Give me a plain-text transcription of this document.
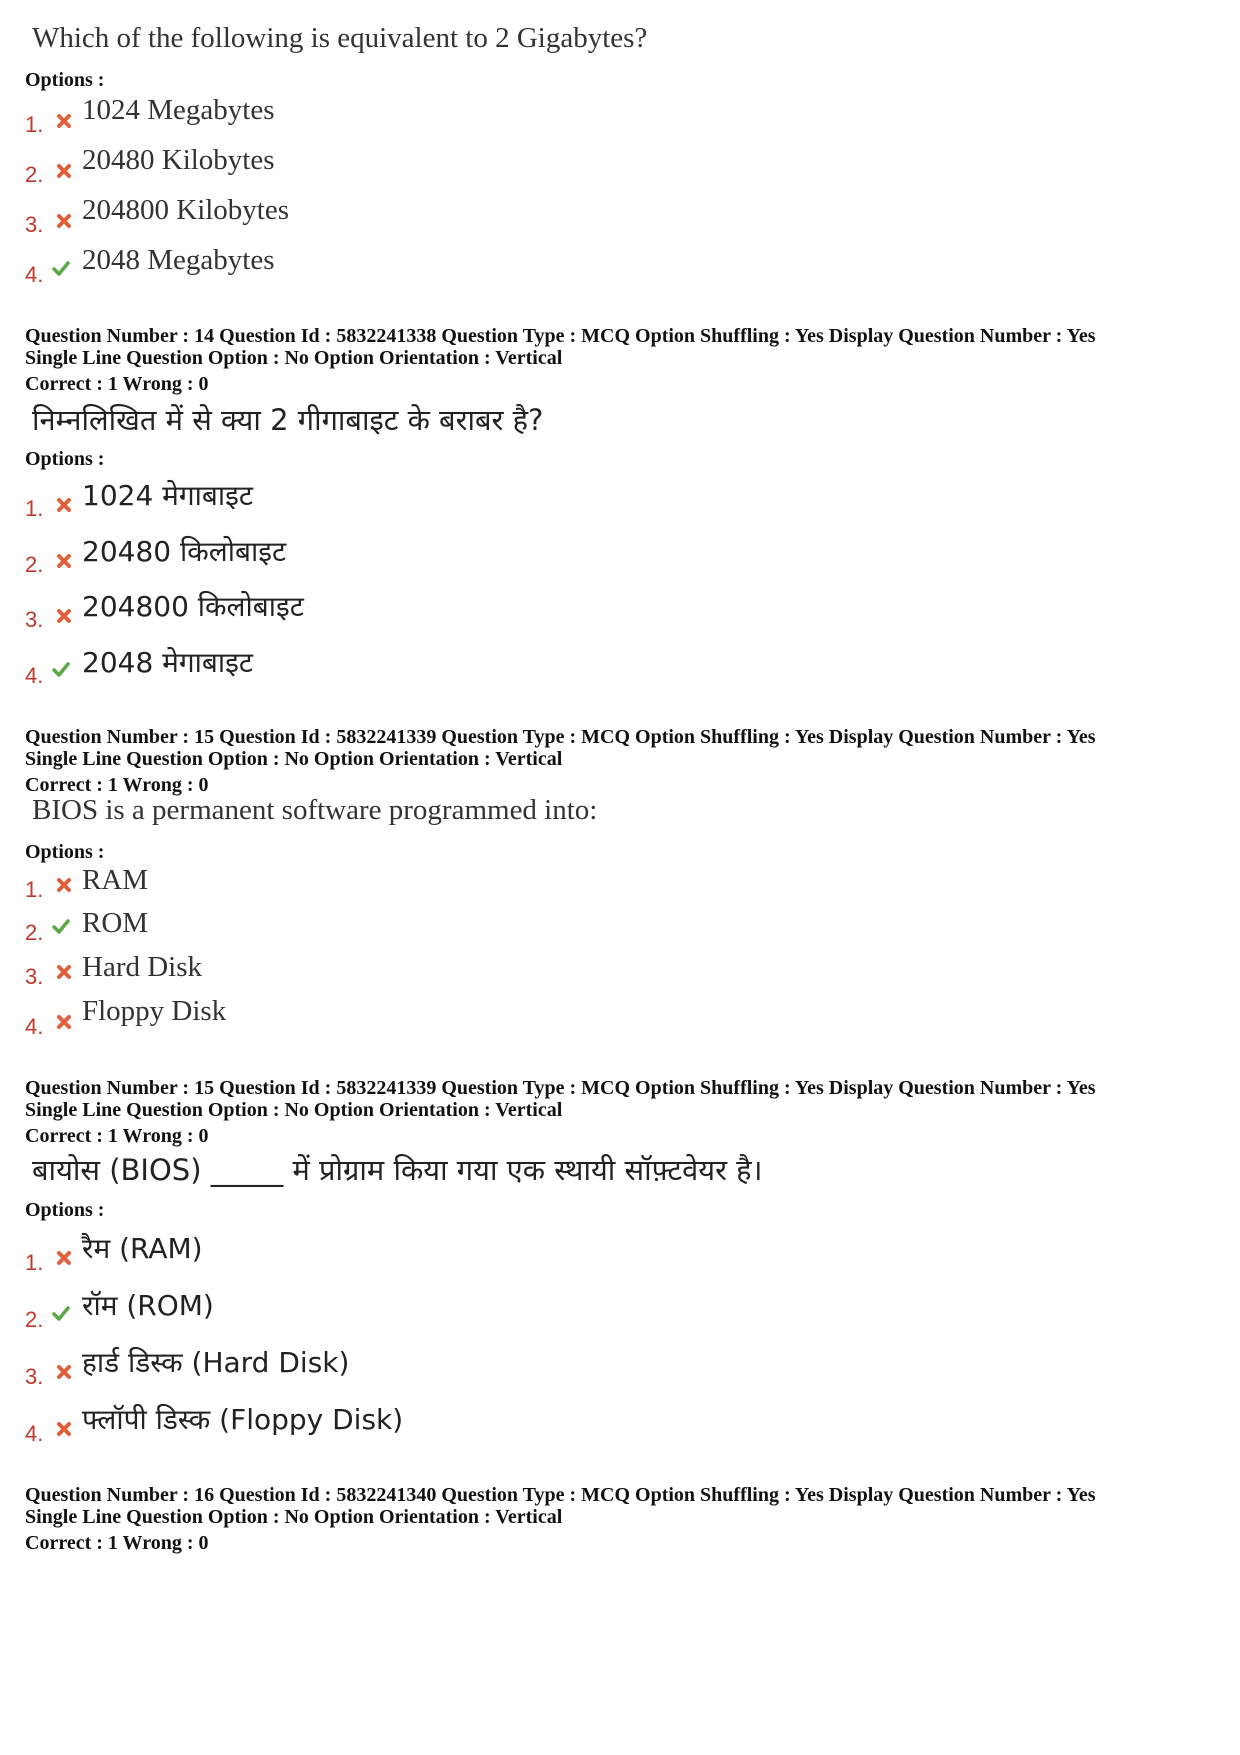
Which of the following is equivalent to 2 Gigabytes?
Options :
1. 1024 Megabytes
2. 20480 Kilobytes
3. 204800 Kilobytes
4. 2048 Megabytes
Question Number : 14 Question Id : 5832241338 Question Type : MCQ Option Shuffling : Yes Display Question Number : Yes
Single Line Question Option : No Option Orientation : Vertical
Correct : 1 Wrong : 0
निम्नलिखित में से क्या 2 गीगाबाइट के बराबर है?
Options :
1. 1024 मेगाबाइट
2. 20480 किलोबाइट
3. 204800 किलोबाइट
4. 2048 मेगाबाइट
Question Number : 15 Question Id : 5832241339 Question Type : MCQ Option Shuffling : Yes Display Question Number : Yes
Single Line Question Option : No Option Orientation : Vertical
Correct : 1 Wrong : 0
BIOS is a permanent software programmed into:
Options :
1. RAM
2. ROM
3. Hard Disk
4. Floppy Disk
Question Number : 15 Question Id : 5832241339 Question Type : MCQ Option Shuffling : Yes Display Question Number : Yes
Single Line Question Option : No Option Orientation : Vertical
Correct : 1 Wrong : 0
बायोस (BIOS) _____ में प्रोग्राम किया गया एक स्थायी सॉफ़्टवेयर है।
Options :
1. रैम (RAM)
2. रॉम (ROM)
3. हार्ड डिस्क (Hard Disk)
4. फ्लॉपी डिस्क (Floppy Disk)
Question Number : 16 Question Id : 5832241340 Question Type : MCQ Option Shuffling : Yes Display Question Number : Yes
Single Line Question Option : No Option Orientation : Vertical
Correct : 1 Wrong : 0
